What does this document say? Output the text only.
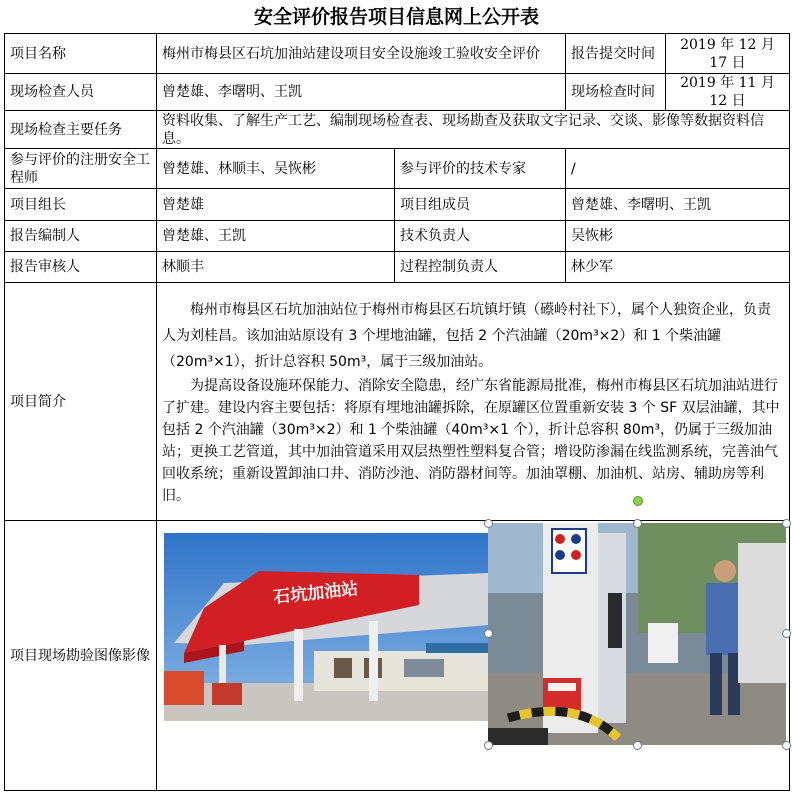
安全评价报告项目信息网上公开表
项目名称	梅州市梅县区石坑加油站建设项目安全设施竣工验收安全评价		报告提交时间	2019 年 12 月 17 日
现场检查人员	曾楚雄、李曙明、王凯		现场检查时间	2019 年 11 月 12 日
现场检查主要任务	资料收集、了解生产工艺、编制现场检查表、现场勘查及获取文字记录、交谈、影像等数据资料信息。			
参与评价的注册安全工程师	曾楚雄、林顺丰、吴恢彬	参与评价的技术专家	/	
项目组长	曾楚雄	项目组成员	曾楚雄、李曙明、王凯	
报告编制人	曾楚雄、王凯	技术负责人	吴恢彬	
报告审核人	林顺丰	过程控制负责人	林少军	
项目简介	梅州市梅县区石坑加油站位于梅州市梅县区石坑镇圩镇（礤岭村社下），属个人独资企业，负责人为刘桂昌。该加油站原设有 3 个埋地油罐，包括 2 个汽油罐（20m³×2）和 1 个柴油罐（20m³×1），折计总容积 50m³，属于三级加油站。

为提高设备设施环保能力、消除安全隐患，经广东省能源局批准，梅州市梅县区石坑加油站进行了扩建。建设内容主要包括：将原有埋地油罐拆除，在原罐区位置重新安装 3 个 SF 双层油罐，其中包括 2 个汽油罐（30m³×2）和 1 个柴油罐（40m³×1 个），折计总容积 80m³，仍属于三级加油站；更换工艺管道，其中加油管道采用双层热塑性塑料复合管；增设防渗漏在线监测系统，完善油气回收系统；重新设置卸油口井、消防沙池、消防器材间等。加油罩棚、加油机、站房、辅助房等利旧。			

项目现场勘验图像影像	石坑加油站			
